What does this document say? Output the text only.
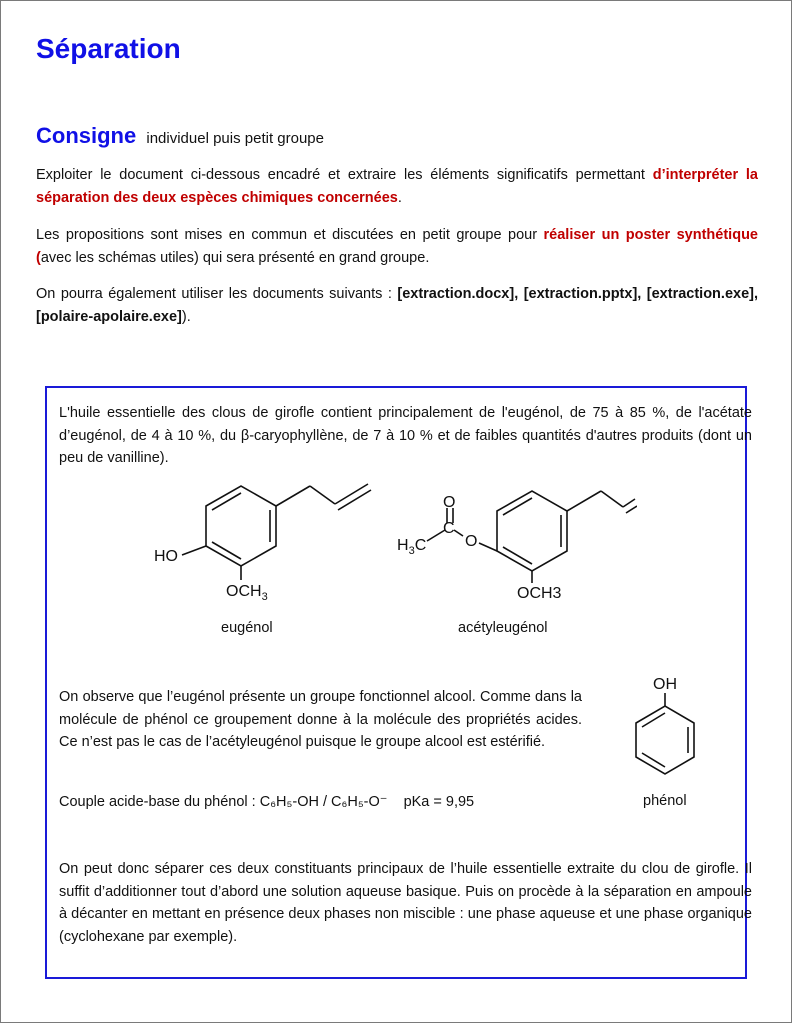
Séparation
Consigne individuel puis petit groupe

Exploiter le document ci-dessous encadré et extraire les éléments significatifs permettant d’interpréter la séparation des deux espèces chimiques concernées.

Les propositions sont mises en commun et discutées en petit groupe pour réaliser un poster synthétique (avec les schémas utiles) qui sera présenté en grand groupe.

On pourra également utiliser les documents suivants : [extraction.docx], [extraction.pptx], [extraction.exe], [polaire-apolaire.exe]).

L'huile essentielle des clous de girofle contient principalement de l'eugénol, de 75 à 85 %, de l'acétate d’eugénol, de 4 à 10 %, du β-caryophyllène, de 7 à 10 % et de faibles quantités d'autres produits (dont un peu de vanilline).

HO
$OCH_3$
eugénol
O
C
O
$H_3C$
OCH3
acétyleugénol
OH
phénol

On observe que l’eugénol présente un groupe fonctionnel alcool. Comme dans la molécule de phénol ce groupement donne à la molécule des propriétés acides. Ce n’est pas le cas de l’acétyleugénol puisque le groupe alcool est estérifié.

Couple acide-base du phénol : C₆H₅-OH / C₆H₅-O⁻ pKa = 9,95

On peut donc séparer ces deux constituants principaux de l’huile essentielle extraite du clou de girofle. Il suffit d’additionner tout d’abord une solution aqueuse basique. Puis on procède à la séparation en ampoule à décanter en mettant en présence deux phases non miscible : une phase aqueuse et une phase organique (cyclohexane par exemple).
